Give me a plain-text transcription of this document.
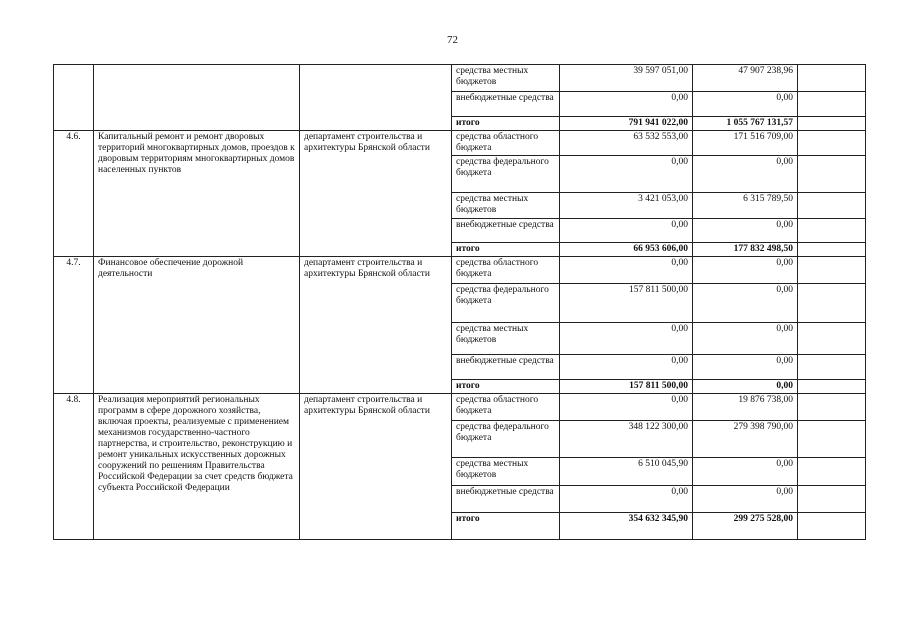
72
			средства местных бюджетов	39 597 051,00	47 907 238,96	
			внебюджетные средства	0,00	0,00	
			итого	791 941 022,00	1 055 767 131,57	
4.6.	Капитальный ремонт и ремонт дворовых территорий многоквартирных домов, проездов к дворовым территориям многоквартирных домов населенных пунктов	департамент строительства и архитектуры Брянской области	средства областного бюджета	63 532 553,00	171 516 709,00	
			средства федерального бюджета	0,00	0,00	
			средства местных бюджетов	3 421 053,00	6 315 789,50	
			внебюджетные средства	0,00	0,00	
			итого	66 953 606,00	177 832 498,50	
4.7.	Финансовое обеспечение дорожной деятельности	департамент строительства и архитектуры Брянской области	средства областного бюджета	0,00	0,00	
			средства федерального бюджета	157 811 500,00	0,00	
			средства местных бюджетов	0,00	0,00	
			внебюджетные средства	0,00	0,00	
			итого	157 811 500,00	0,00	
4.8.	Реализация мероприятий региональных программ в сфере дорожного хозяйства, включая проекты, реализуемые с применением механизмов государственно-частного партнерства, и строительство, реконструкцию и ремонт уникальных искусственных дорожных сооружений по решениям Правительства Российской Федерации за счет средств бюджета субъекта Российской Федерации	департамент строительства и архитектуры Брянской области	средства областного бюджета	0,00	19 876 738,00	
			средства федерального бюджета	348 122 300,00	279 398 790,00	
			средства местных бюджетов	6 510 045,90	0,00	
			внебюджетные средства	0,00	0,00	
			итого	354 632 345,90	299 275 528,00	
